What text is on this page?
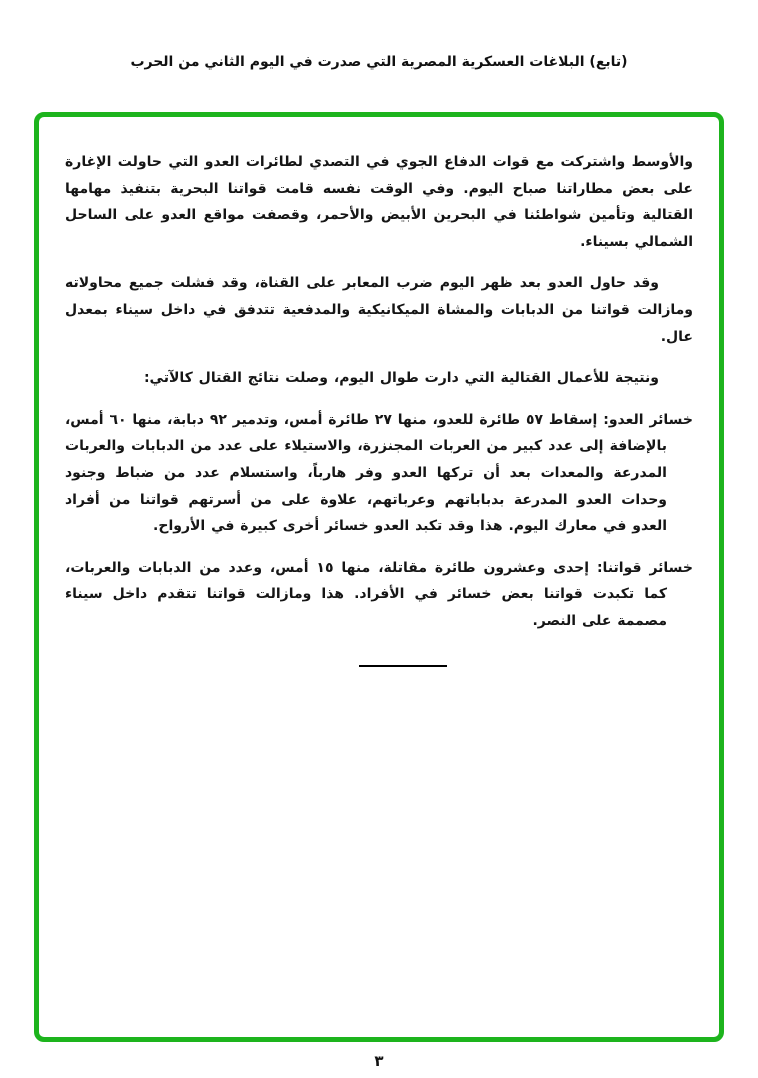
(تابع) البلاغات العسكرية المصرية التي صدرت في اليوم الثاني من الحرب

والأوسط واشتركت مع قوات الدفاع الجوي في التصدي لطائرات العدو التي حاولت الإغارة على بعض مطاراتنا صباح اليوم. وفي الوقت نفسه قامت قواتنا البحرية بتنفيذ مهامها القتالية وتأمين شواطئنا في البحرين الأبيض والأحمر، وقصفت مواقع العدو على الساحل الشمالي بسيناء.

وقد حاول العدو بعد ظهر اليوم ضرب المعابر على القناة، وقد فشلت جميع محاولاته ومازالت قواتنا من الدبابات والمشاة الميكانيكية والمدفعية تتدفق في داخل سيناء بمعدل عال.

ونتيجة للأعمال القتالية التي دارت طوال اليوم، وصلت نتائج القتال كالآتي:

خسائر العدو: إسقاط ٥٧ طائرة للعدو، منها ٢٧ طائرة أمس، وتدمير ٩٢ دبابة، منها ٦٠ أمس، بالإضافة إلى عدد كبير من العربات المجنزرة، والاستيلاء على عدد من الدبابات والعربات المدرعة والمعدات بعد أن تركها العدو وفر هارباً، واستسلام عدد من ضباط وجنود وحدات العدو المدرعة بدباباتهم وعرباتهم، علاوة على من أسرتهم قواتنا من أفراد العدو في معارك اليوم. هذا وقد تكبد العدو خسائر أخرى كبيرة في الأرواح.

خسائر قواتنا: إحدى وعشرون طائرة مقاتلة، منها ١٥ أمس، وعدد من الدبابات والعربات، كما تكبدت قواتنا بعض خسائر في الأفراد. هذا ومازالت قواتنا تتقدم داخل سيناء مصممة على النصر.

٣
